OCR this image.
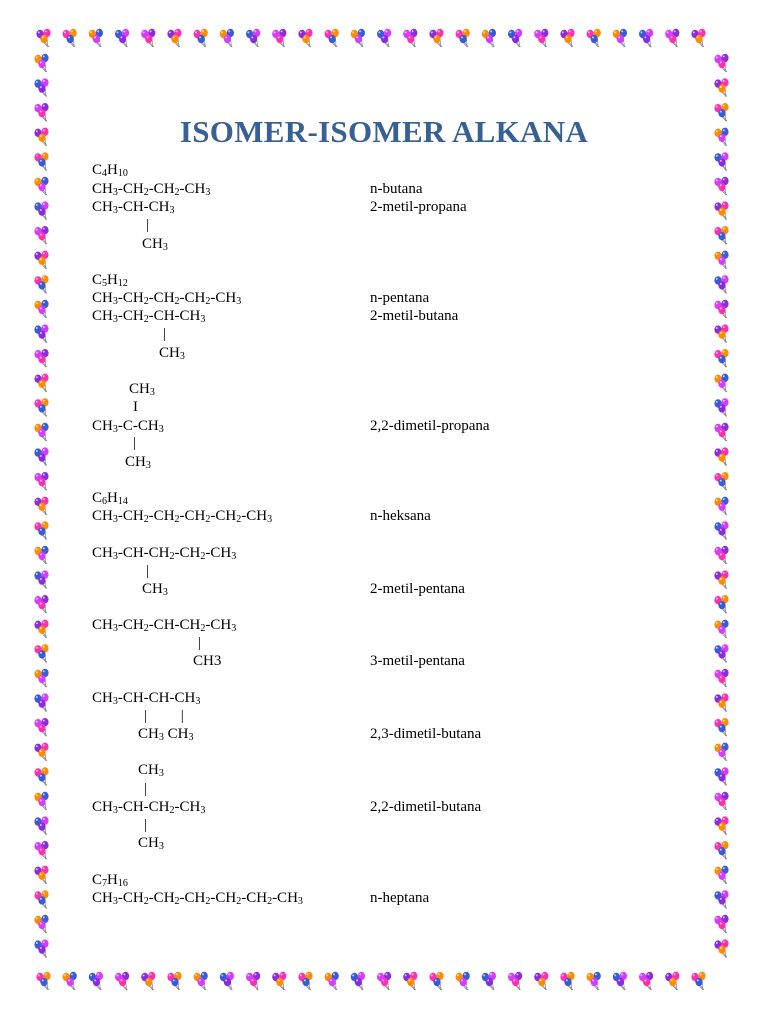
ISOMER-ISOMER ALKANA
$C_4H_{10}$
$CH_3-CH_2-CH_2-CH_3$
$CH_3-CH-CH_3$
|
$CH_3$
$C_5H_{12}$
$CH_3-CH_2-CH_2-CH_2-CH_3$
$CH_3-CH_2-CH-CH_3$
|
$CH_3$
$CH_3$
I
$CH_3-C-CH_3$
|
$CH_3$
$C_6H_{14}$
$CH_3-CH_2-CH_2-CH_2-CH_2-CH_3$
$CH_3-CH-CH_2-CH_2-CH_3$
|
$CH_3$
$CH_3-CH_2-CH-CH_2-CH_3$
|
CH3
$CH_3-CH-CH-CH_3$
|         |
$CH_3$ $CH_3$
$CH_3$
|
$CH_3-CH-CH_2-CH_3$
|
$CH_3$
$C_7H_{16}$
$CH_3-CH_2-CH_2-CH_2-CH_2-CH_2-CH_3$
n-butana
2-metil-propana
n-pentana
2-metil-butana
2,2-dimetil-propana
n-heksana
2-metil-pentana
3-metil-pentana
2,3-dimetil-butana
2,2-dimetil-butana
n-heptana
